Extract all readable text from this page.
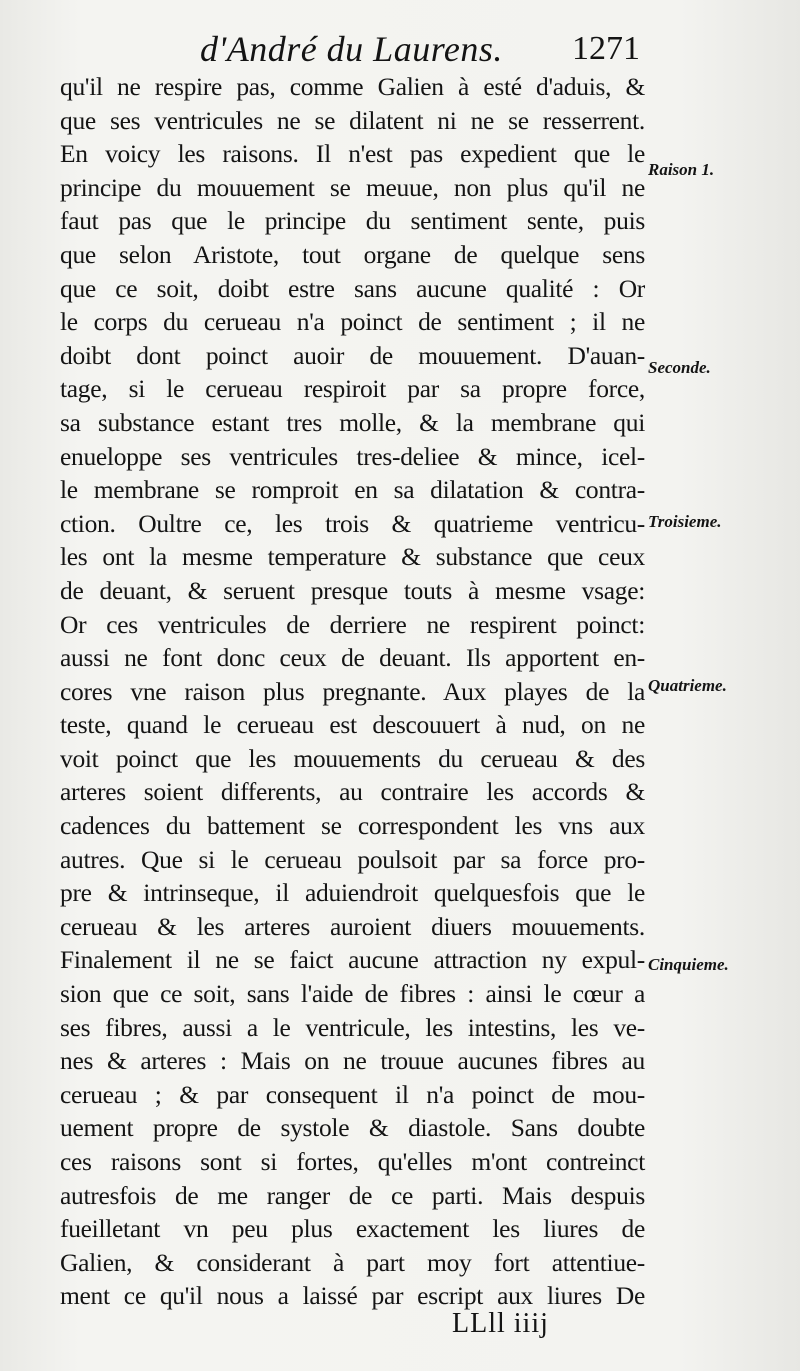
d'André du Laurens. 1271
qu'il ne respire pas, comme Galien à esté d'aduis, &
que ses ventricules ne se dilatent ni ne se resserrent.
En voicy les raisons. Il n'est pas expedient que le
principe du mouuement se meuue, non plus qu'il ne
faut pas que le principe du sentiment sente, puis
que selon Aristote, tout organe de quelque sens
que ce soit, doibt estre sans aucune qualité : Or
le corps du cerueau n'a poinct de sentiment ; il ne
doibt dont poinct auoir de mouuement. D'auan-
tage, si le cerueau respiroit par sa propre force,
sa substance estant tres molle, & la membrane qui
enueloppe ses ventricules tres-deliee & mince, icel-
le membrane se romproit en sa dilatation & contra-
ction. Oultre ce, les trois & quatrieme ventricu-
les ont la mesme temperature & substance que ceux
de deuant, & seruent presque touts à mesme vsage:
Or ces ventricules de derriere ne respirent poinct:
aussi ne font donc ceux de deuant. Ils apportent en-
cores vne raison plus pregnante. Aux playes de la
teste, quand le cerueau est descouuert à nud, on ne
voit poinct que les mouuements du cerueau & des
arteres soient differents, au contraire les accords &
cadences du battement se correspondent les vns aux
autres. Que si le cerueau poulsoit par sa force pro-
pre & intrinseque, il aduiendroit quelquesfois que le
cerueau & les arteres auroient diuers mouuements.
Finalement il ne se faict aucune attraction ny expul-
sion que ce soit, sans l'aide de fibres : ainsi le cœur a
ses fibres, aussi a le ventricule, les intestins, les ve-
nes & arteres : Mais on ne trouue aucunes fibres au
cerueau ; & par consequent il n'a poinct de mou-
uement propre de systole & diastole. Sans doubte
ces raisons sont si fortes, qu'elles m'ont contreinct
autresfois de me ranger de ce parti. Mais despuis
fueilletant vn peu plus exactement les liures de
Galien, & considerant à part moy fort attentiue-
ment ce qu'il nous a laissé par escript aux liures De
Raison 1.
Seconde.
Troisieme.
Quatrieme.
Cinquieme.
LLll iiij
